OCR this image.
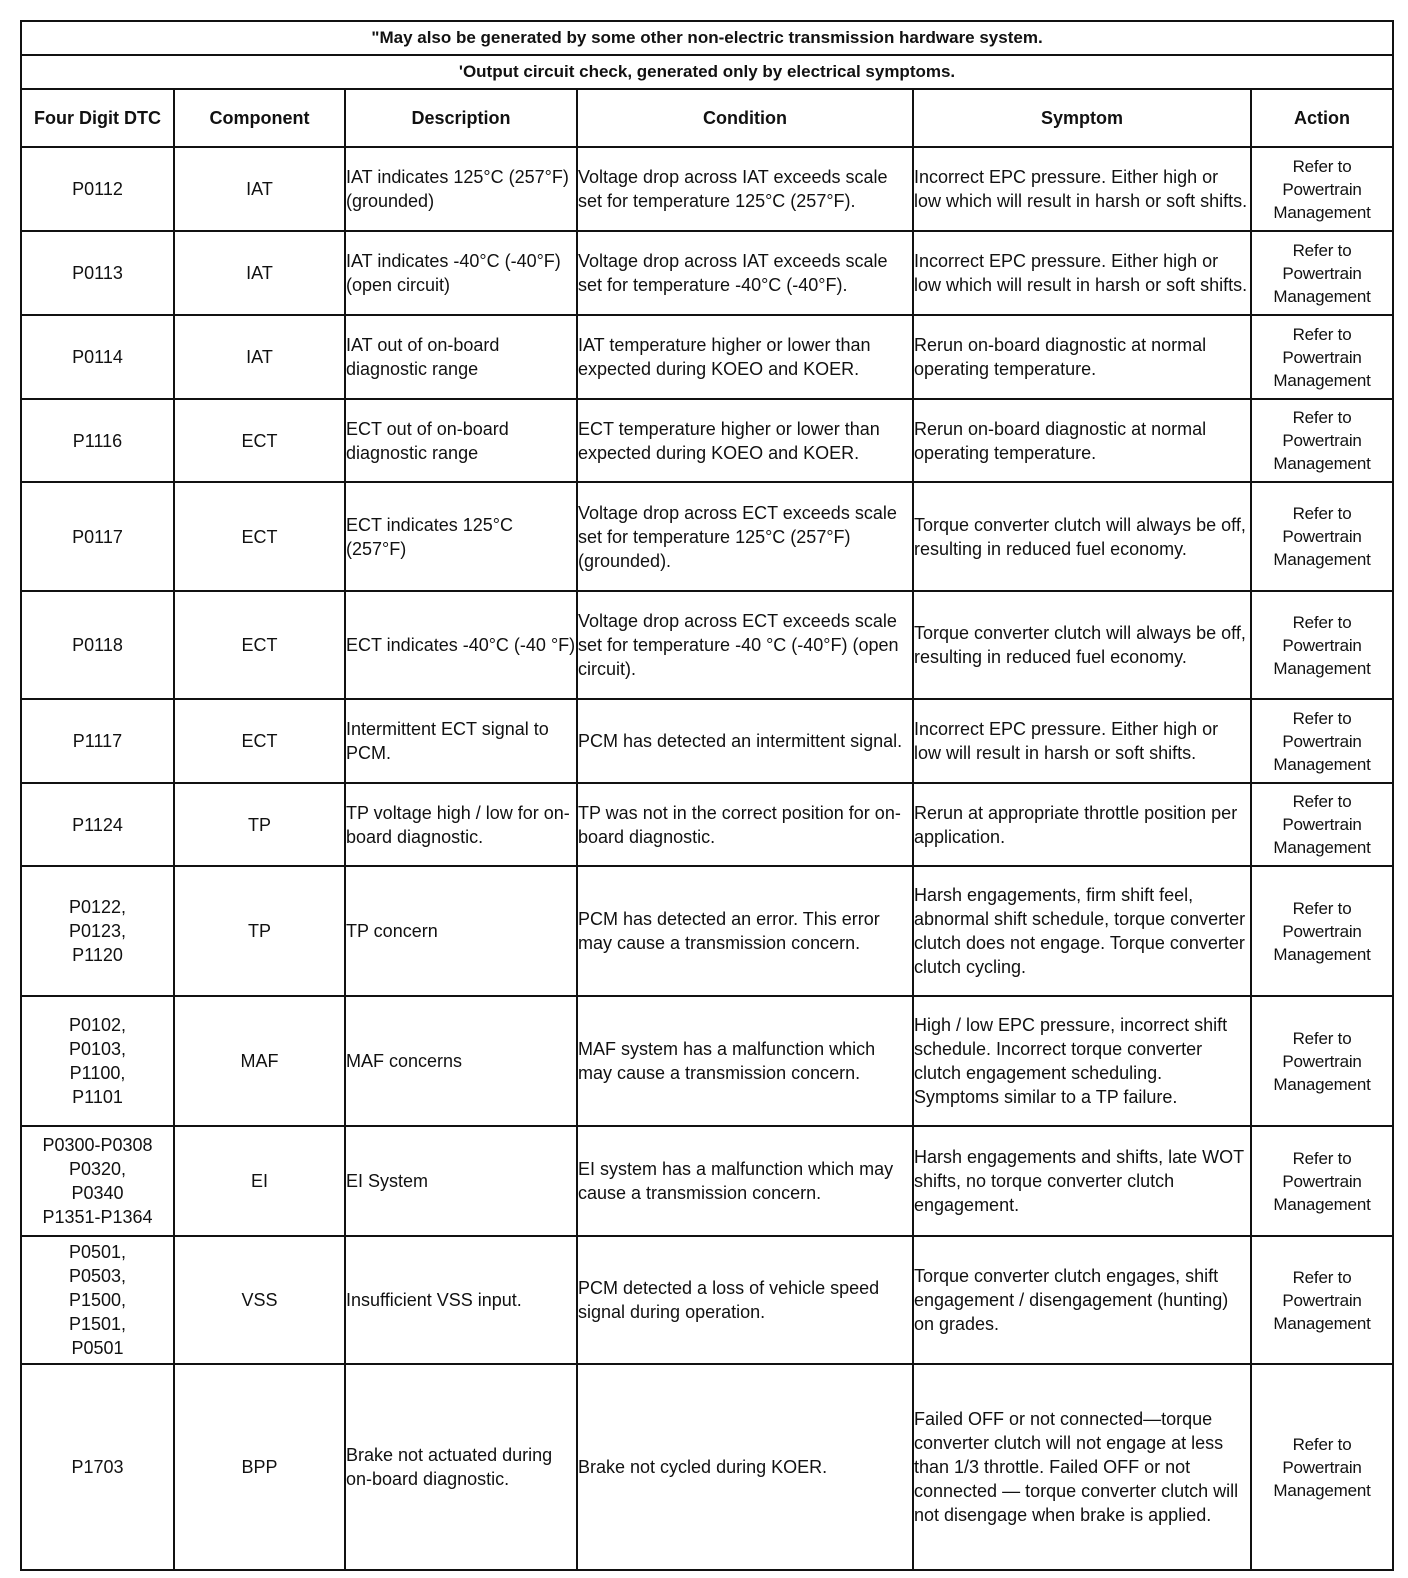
"May also be generated by some other non-electric transmission hardware system.					
'Output circuit check, generated only by electrical symptoms.					
Four Digit DTC	Component	Description	Condition	Symptom	Action
P0112	IAT	IAT indicates 125°C (257°F) (grounded)	Voltage drop across IAT exceeds scale set for temperature 125°C (257°F).	Incorrect EPC pressure. Either high or low which will result in harsh or soft shifts.	Refer to
Powertrain
Management
P0113	IAT	IAT indicates -40°C (-40°F) (open circuit)	Voltage drop across IAT exceeds scale set for temperature -40°C (-40°F).	Incorrect EPC pressure. Either high or low which will result in harsh or soft shifts.	Refer to
Powertrain
Management
P0114	IAT	IAT out of on-board diagnostic range	IAT temperature higher or lower than expected during KOEO and KOER.	Rerun on-board diagnostic at normal operating temperature.	Refer to
Powertrain
Management
P1116	ECT	ECT out of on-board diagnostic range	ECT temperature higher or lower than expected during KOEO and KOER.	Rerun on-board diagnostic at normal operating temperature.	Refer to
Powertrain
Management
P0117	ECT	ECT indicates 125°C (257°F)	Voltage drop across ECT exceeds scale set for temperature 125°C (257°F) (grounded).	Torque converter clutch will always be off, resulting in reduced fuel economy.	Refer to
Powertrain
Management
P0118	ECT	ECT indicates -40°C (-40 °F)	Voltage drop across ECT exceeds scale set for temperature -40 °C (-40°F) (open circuit).	Torque converter clutch will always be off, resulting in reduced fuel economy.	Refer to
Powertrain
Management
P1117	ECT	Intermittent ECT signal to PCM.	PCM has detected an intermittent signal.	Incorrect EPC pressure. Either high or low will result in harsh or soft shifts.	Refer to
Powertrain
Management
P1124	TP	TP voltage high / low for on-board diagnostic.	TP was not in the correct position for on-board diagnostic.	Rerun at appropriate throttle position per application.	Refer to
Powertrain
Management
P0122,
P0123,
P1120	TP	TP concern	PCM has detected an error. This error may cause a transmission concern.	Harsh engagements, firm shift feel, abnormal shift schedule, torque converter clutch does not engage. Torque converter clutch cycling.	Refer to
Powertrain
Management
P0102,
P0103,
P1100,
P1101	MAF	MAF concerns	MAF system has a malfunction which may cause a transmission concern.	High / low EPC pressure, incorrect shift schedule. Incorrect torque converter clutch engagement scheduling. Symptoms similar to a TP failure.	Refer to
Powertrain
Management
P0300-P0308
P0320,
P0340
P1351-P1364	EI	EI System	EI system has a malfunction which may cause a transmission concern.	Harsh engagements and shifts, late WOT shifts, no torque converter clutch engagement.	Refer to
Powertrain
Management
P0501,
P0503,
P1500,
P1501,
P0501	VSS	Insufficient VSS input.	PCM detected a loss of vehicle speed signal during operation.	Torque converter clutch engages, shift engagement / disengagement (hunting) on grades.	Refer to
Powertrain
Management
P1703	BPP	Brake not actuated during on-board diagnostic.	Brake not cycled during KOER.	Failed OFF or not connected—torque converter clutch will not engage at less than 1/3 throttle. Failed OFF or not connected — torque converter clutch will not disengage when brake is applied.	Refer to
Powertrain
Management
